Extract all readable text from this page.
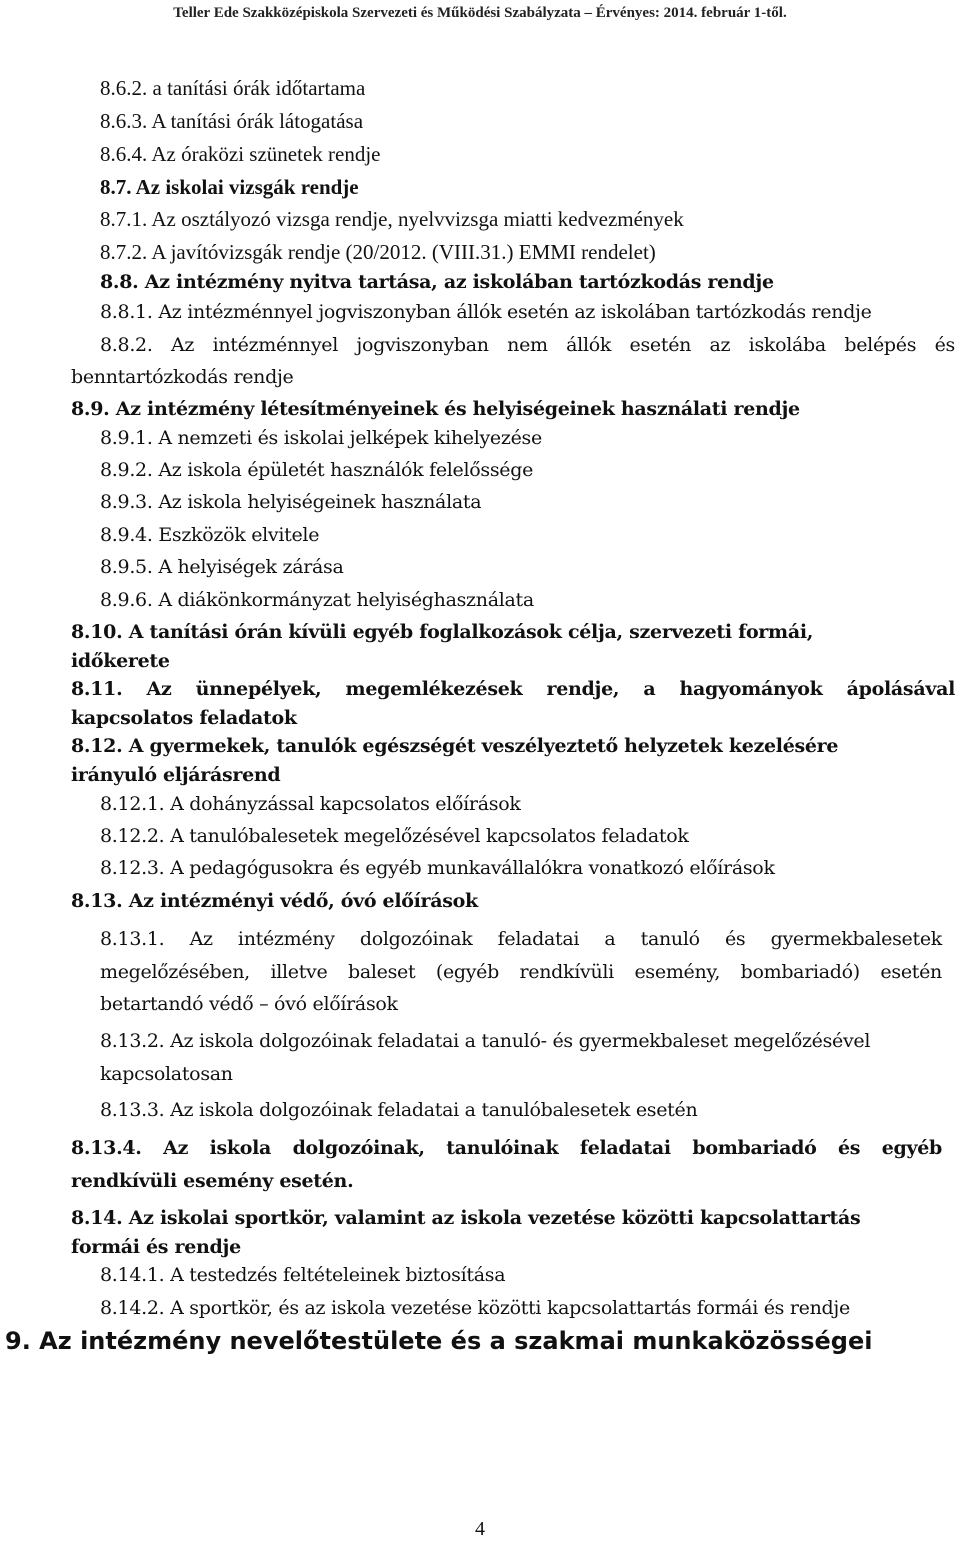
Teller Ede Szakközépiskola Szervezeti és Működési Szabályzata – Érvényes: 2014. február 1-től.
8.6.2. a tanítási órák időtartama
8.6.3. A tanítási órák látogatása
8.6.4. Az óraközi szünetek rendje
8.7. Az iskolai vizsgák rendje
8.7.1. Az osztályozó vizsga rendje, nyelvvizsga miatti kedvezmények
8.7.2. A javítóvizsgák rendje (20/2012. (VIII.31.) EMMI rendelet)
8.8. Az intézmény nyitva tartása, az iskolában tartózkodás rendje
8.8.1. Az intézménnyel jogviszonyban állók esetén az iskolában tartózkodás rendje
8.8.2. Az intézménnyel jogviszonyban nem állók esetén az iskolába belépés és
benntartózkodás rendje
8.9. Az intézmény létesítményeinek és helyiségeinek használati rendje
8.9.1. A nemzeti és iskolai jelképek kihelyezése
8.9.2. Az iskola épületét használók felelőssége
8.9.3. Az iskola helyiségeinek használata
8.9.4. Eszközök elvitele
8.9.5. A helyiségek zárása
8.9.6. A diákönkormányzat helyiséghasználata
8.10. A tanítási órán kívüli egyéb foglalkozások célja, szervezeti formái,
időkerete
8.11. Az ünnepélyek, megemlékezések rendje, a hagyományok ápolásával
kapcsolatos feladatok
8.12. A gyermekek, tanulók egészségét veszélyeztető helyzetek kezelésére
irányuló eljárásrend
8.12.1. A dohányzással kapcsolatos előírások
8.12.2. A tanulóbalesetek megelőzésével kapcsolatos feladatok
8.12.3. A pedagógusokra és egyéb munkavállalókra vonatkozó előírások
8.13. Az intézményi védő, óvó előírások
8.13.1. Az intézmény dolgozóinak feladatai a tanuló és gyermekbalesetek
megelőzésében, illetve baleset (egyéb rendkívüli esemény, bombariadó) esetén
betartandó védő – óvó előírások
8.13.2. Az iskola dolgozóinak feladatai a tanuló- és gyermekbaleset megelőzésével
kapcsolatosan
8.13.3. Az iskola dolgozóinak feladatai a tanulóbalesetek esetén
8.13.4. Az iskola dolgozóinak, tanulóinak feladatai bombariadó és egyéb
rendkívüli esemény esetén.
8.14. Az iskolai sportkör, valamint az iskola vezetése közötti kapcsolattartás
formái és rendje
8.14.1. A testedzés feltételeinek biztosítása
8.14.2. A sportkör, és az iskola vezetése közötti kapcsolattartás formái és rendje
9. Az intézmény nevelőtestülete és a szakmai munkaközösségei
4
